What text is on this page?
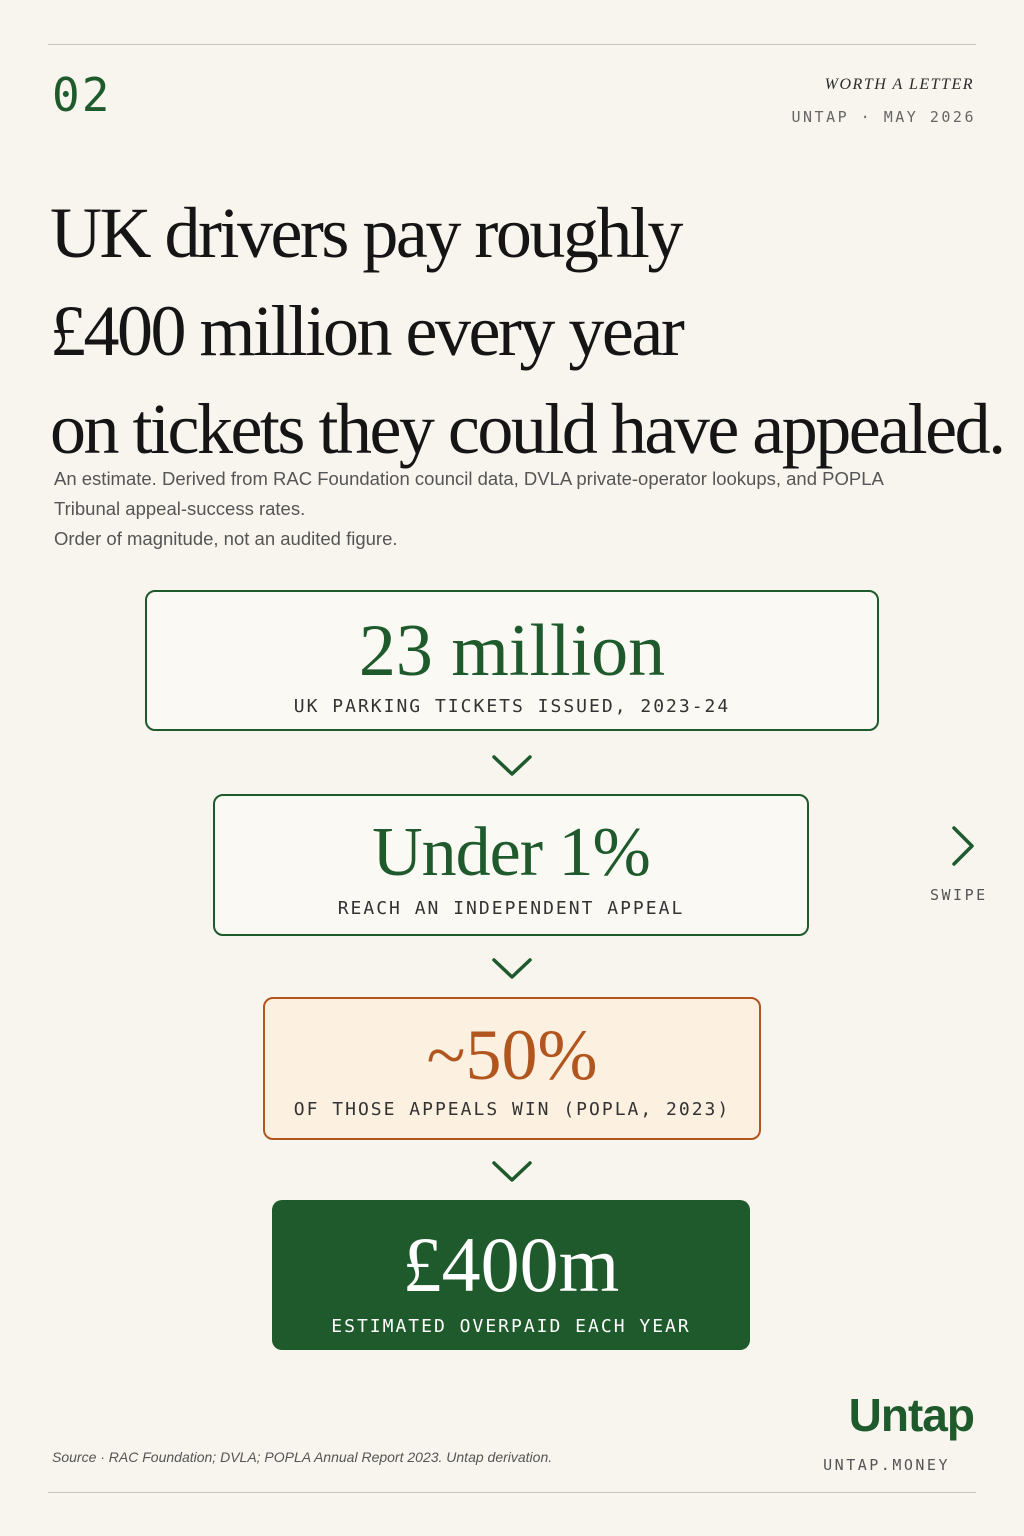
02	WORTH A LETTER
UNTAP · MAY 2026
UK drivers pay roughly
£400 million every year
on tickets they could have appealed.
An estimate. Derived from RAC Foundation council data, DVLA private-operator lookups, and POPLA
Tribunal appeal-success rates.
Order of magnitude, not an audited figure.
23 million
UK PARKING TICKETS ISSUED, 2023-24
Under 1%
REACH AN INDEPENDENT APPEAL
~50%
OF THOSE APPEALS WIN (POPLA, 2023)
£400m
ESTIMATED OVERPAID EACH YEAR
SWIPE
Source · RAC Foundation; DVLA; POPLA Annual Report 2023. Untap derivation.
Untap
UNTAP.MONEY
